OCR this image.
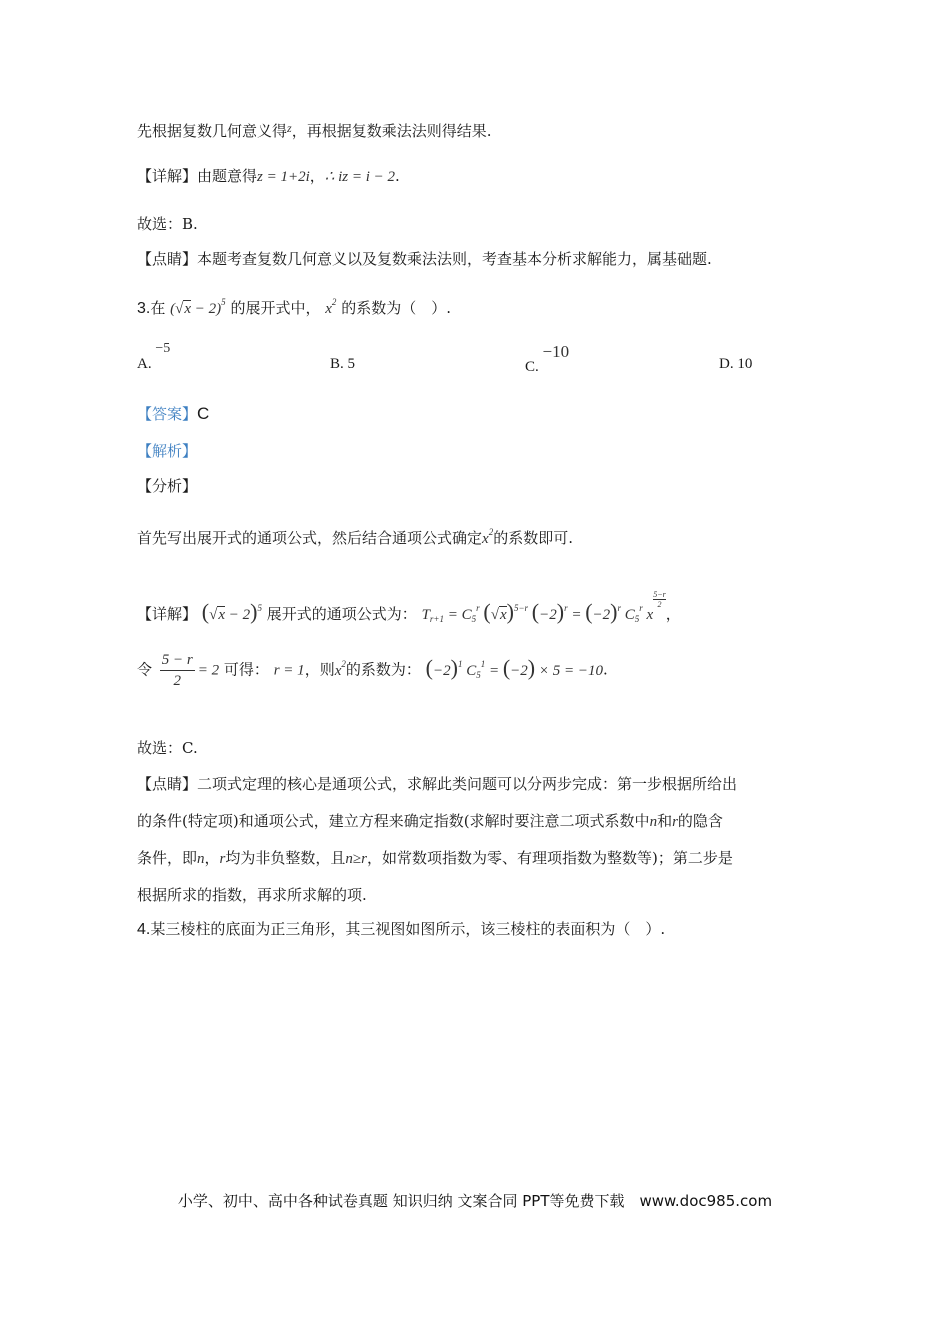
先根据复数几何意义得$^z$，再根据复数乘法法则得结果.
【详解】由题意得z = 1+2i，∴ iz = i − 2.
故选：B.
【点睛】本题考查复数几何意义以及复数乘法法则，考查基本分析求解能力，属基础题.
3.在 $(√x - 2)^5$ 的展开式中， $x^2$ 的系数为（　）.
A. −5
B. 5	C. −10
D. 10
【答案】C
【解析】
【分析】
首先写出展开式的通项公式，然后结合通项公式确定$x^2$的系数即可.
【详解】 $(√x - 2)^5$ 展开式的通项公式为： $T_{r+1} = C_5^r$ $(√x)^{5-r}$ $(-2)^r = (-2)^r$ $C_5^r$ x
$\frac{5-r}{2}$，
令 $\frac{5 - r}{2} = 2$ 可得： r = 1，则$x^2$的系数为： $(-2)^1$ $C_5^1 = (-2) \times 5 = -10$.
故选：C.
【点睛】二项式定理的核心是通项公式，求解此类问题可以分两步完成：第一步根据所给出
的条件(特定项)和通项公式，建立方程来确定指数(求解时要注意二项式系数中n和r的隐含
条件，即n，r均为非负整数，且n≥r，如常数项指数为零、有理项指数为整数等)；第二步是
根据所求的指数，再求所求解的项.
4.某三棱柱的底面为正三角形，其三视图如图所示，该三棱柱的表面积为（　）.
小学、初中、高中各种试卷真题 知识归纳 文案合同 PPT等免费下载　www.doc985.com
